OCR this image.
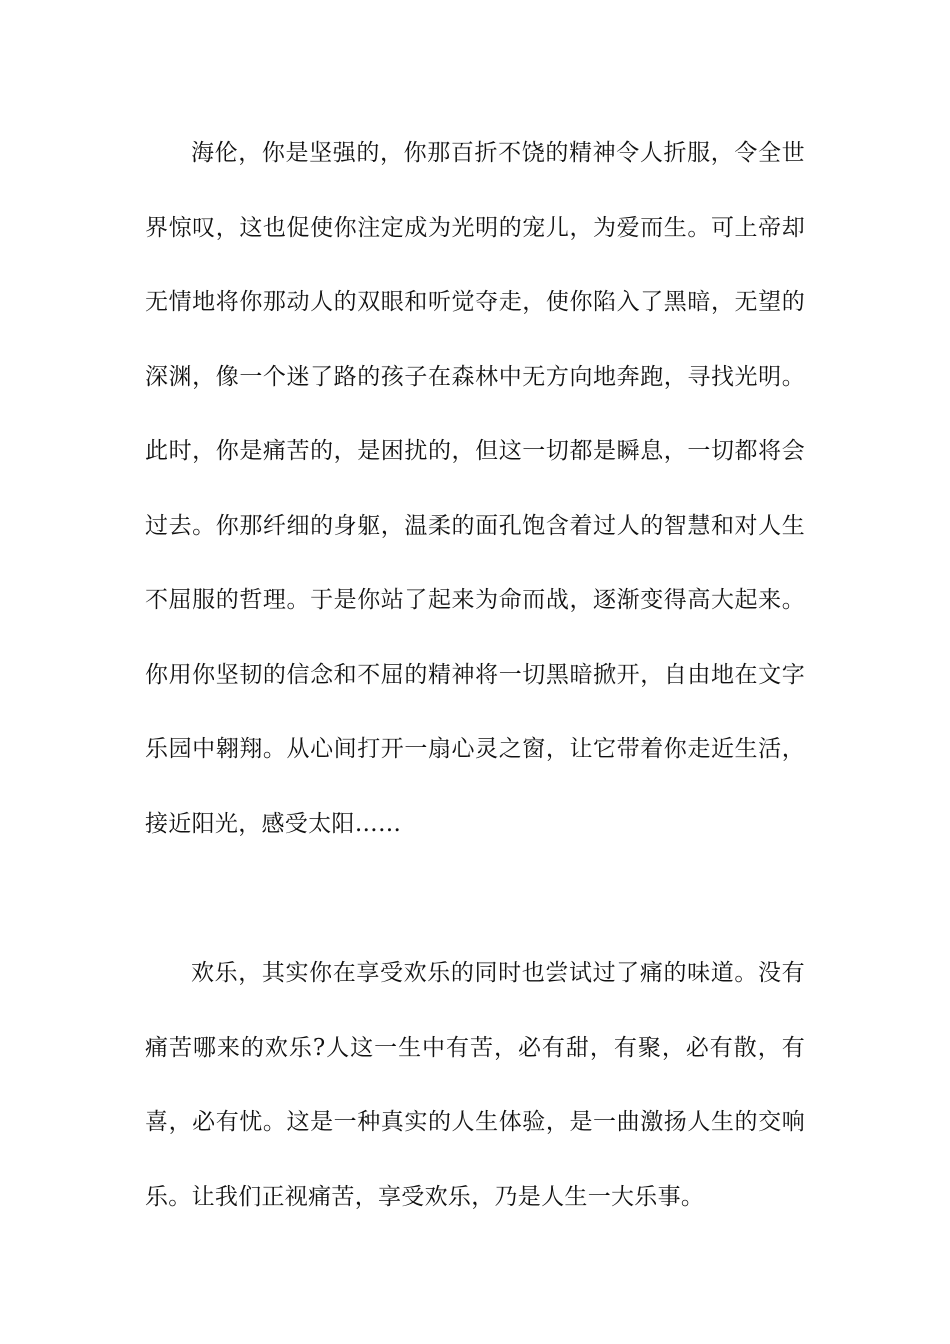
海伦，你是坚强的，你那百折不饶的精神令人折服，令全世界惊叹，这也促使你注定成为光明的宠儿，为爱而生。可上帝却无情地将你那动人的双眼和听觉夺走，使你陷入了黑暗，无望的深渊，像一个迷了路的孩子在森林中无方向地奔跑，寻找光明。此时，你是痛苦的，是困扰的，但这一切都是瞬息，一切都将会过去。你那纤细的身躯，温柔的面孔饱含着过人的智慧和对人生不屈服的哲理。于是你站了起来为命而战，逐渐变得高大起来。你用你坚韧的信念和不屈的精神将一切黑暗掀开，自由地在文字乐园中翱翔。从心间打开一扇心灵之窗，让它带着你走近生活，接近阳光，感受太阳……

欢乐，其实你在享受欢乐的同时也尝试过了痛的味道。没有痛苦哪来的欢乐?人这一生中有苦，必有甜，有聚，必有散，有喜，必有忧。这是一种真实的人生体验，是一曲激扬人生的交响乐。让我们正视痛苦，享受欢乐，乃是人生一大乐事。
